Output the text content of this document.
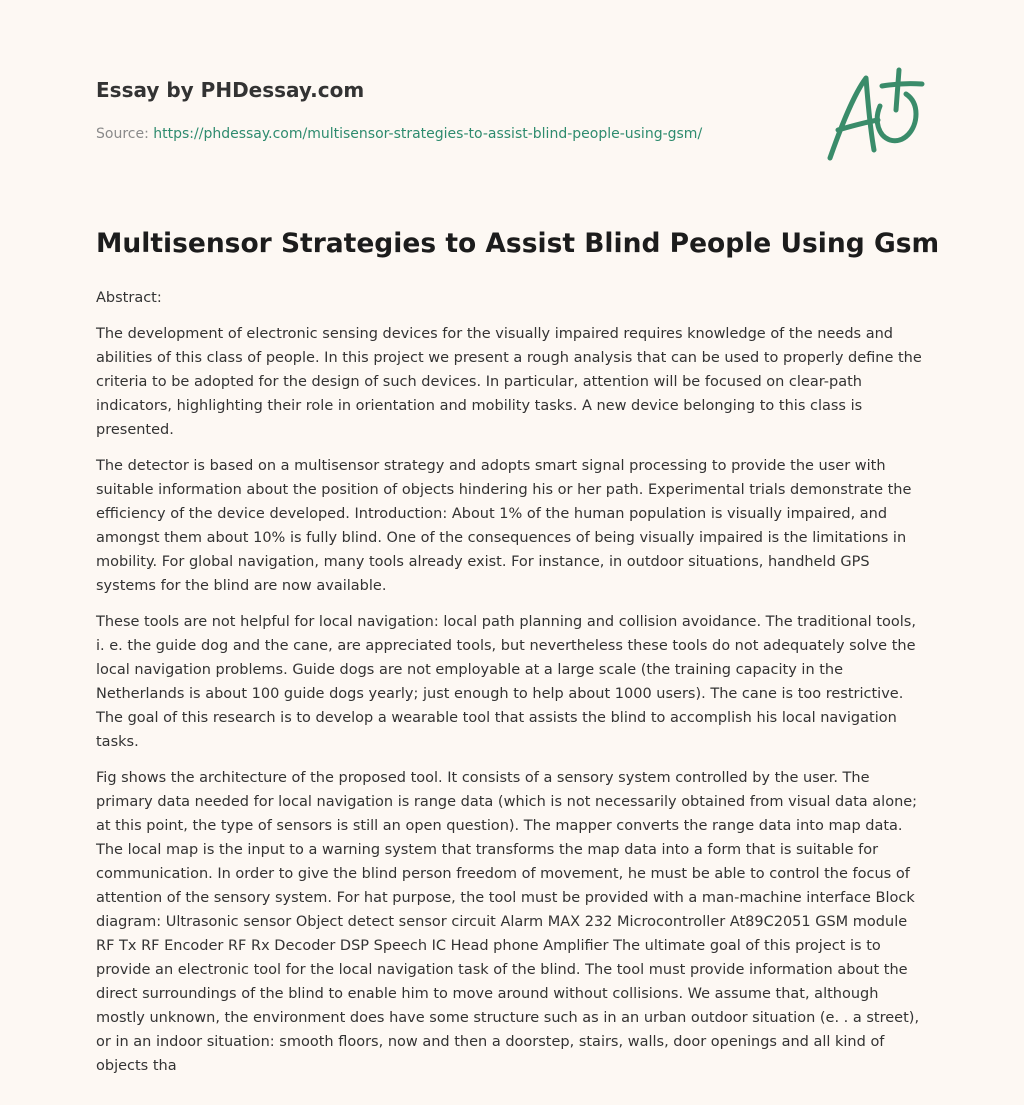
Essay by PHDessay.com

Source: https://phdessay.com/multisensor-strategies-to-assist-blind-people-using-gsm/
Multisensor Strategies to Assist Blind People Using Gsm

Abstract:

The development of electronic sensing devices for the visually impaired requires knowledge of the needs and abilities of this class of people. In this project we present a rough analysis that can be used to properly define the criteria to be adopted for the design of such devices. In particular, attention will be focused on clear-path indicators, highlighting their role in orientation and mobility tasks. A new device belonging to this class is presented.

The detector is based on a multisensor strategy and adopts smart signal processing to provide the user with suitable information about the position of objects hindering his or her path. Experimental trials demonstrate the efficiency of the device developed. Introduction: About 1% of the human population is visually impaired, and amongst them about 10% is fully blind. One of the consequences of being visually impaired is the limitations in mobility. For global navigation, many tools already exist. For instance, in outdoor situations, handheld GPS systems for the blind are now available.

These tools are not helpful for local navigation: local path planning and collision avoidance. The traditional tools, i. e. the guide dog and the cane, are appreciated tools, but nevertheless these tools do not adequately solve the local navigation problems. Guide dogs are not employable at a large scale (the training capacity in the Netherlands is about 100 guide dogs yearly; just enough to help about 1000 users). The cane is too restrictive. The goal of this research is to develop a wearable tool that assists the blind to accomplish his local navigation tasks.

Fig shows the architecture of the proposed tool. It consists of a sensory system controlled by the user. The primary data needed for local navigation is range data (which is not necessarily obtained from visual data alone; at this point, the type of sensors is still an open question). The mapper converts the range data into map data. The local map is the input to a warning system that transforms the map data into a form that is suitable for communication. In order to give the blind person freedom of movement, he must be able to control the focus of attention of the sensory system. For hat purpose, the tool must be provided with a man-machine interface Block diagram: Ultrasonic sensor Object detect sensor circuit Alarm MAX 232 Microcontroller At89C2051 GSM module RF Tx RF Encoder RF Rx Decoder DSP Speech IC Head phone Amplifier The ultimate goal of this project is to provide an electronic tool for the local navigation task of the blind. The tool must provide information about the direct surroundings of the blind to enable him to move around without collisions. We assume that, although mostly unknown, the environment does have some structure such as in an urban outdoor situation (e. . a street), or in an indoor situation: smooth floors, now and then a doorstep, stairs, walls, door openings and all kind of objects tha
